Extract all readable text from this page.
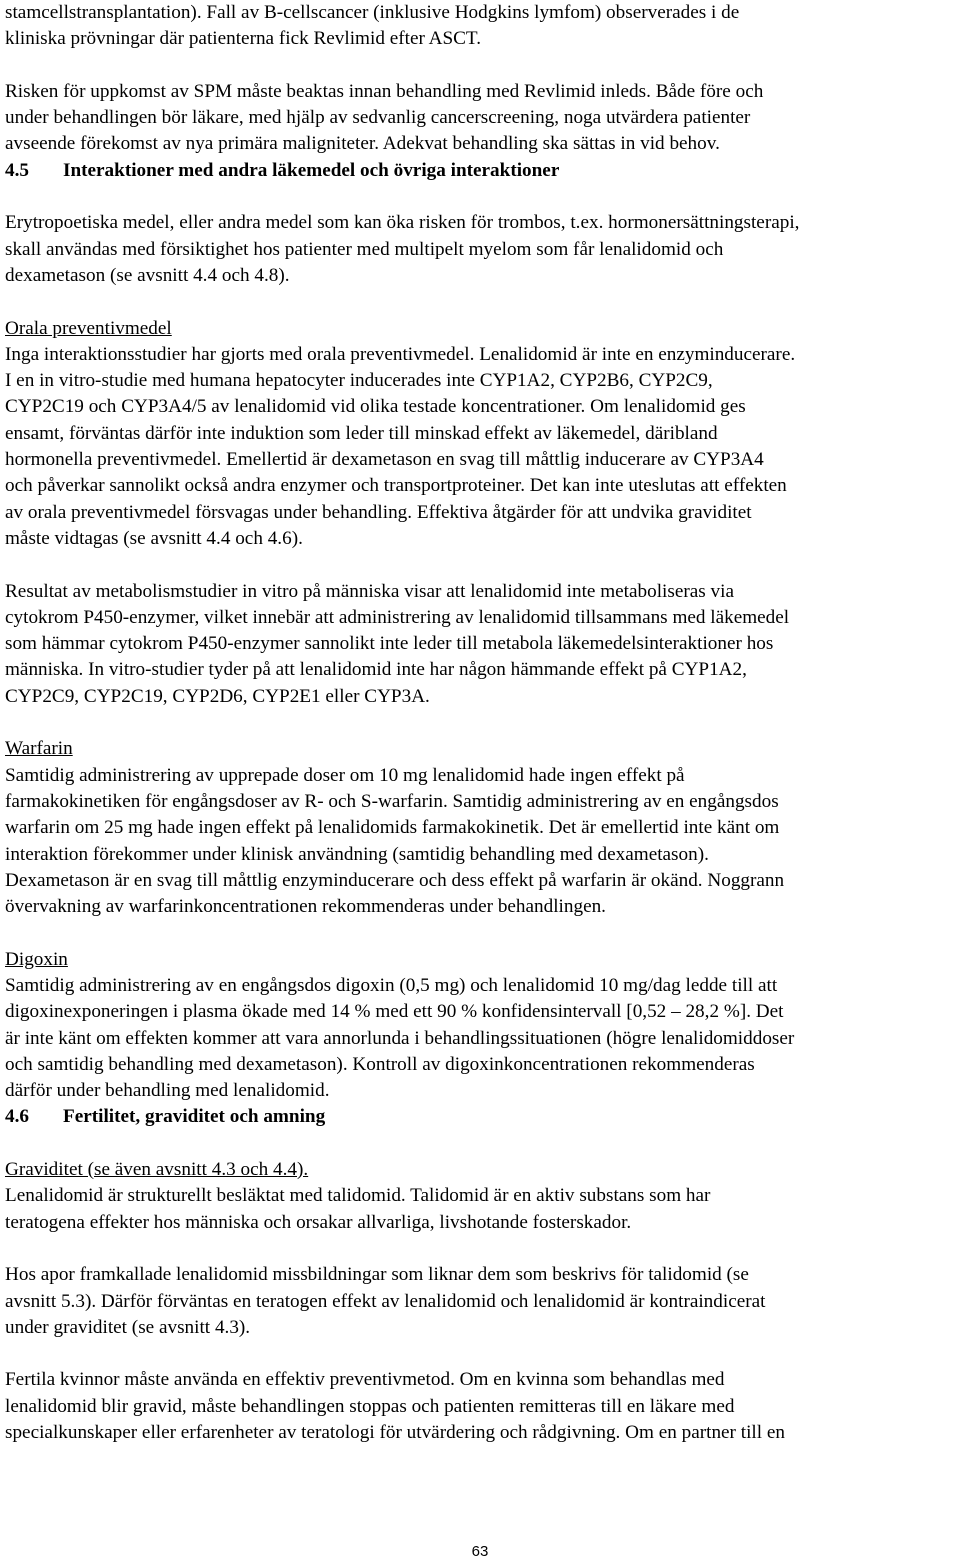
stamcellstransplantation). Fall av B-cellscancer (inklusive Hodgkins lymfom) observerades i de

kliniska prövningar där patienterna fick Revlimid efter ASCT.

Risken för uppkomst av SPM måste beaktas innan behandling med Revlimid inleds. Både före och

under behandlingen bör läkare, med hjälp av sedvanlig cancerscreening, noga utvärdera patienter

avseende förekomst av nya primära maligniteter. Adekvat behandling ska sättas in vid behov.

4.5 Interaktioner med andra läkemedel och övriga interaktioner

Erytropoetiska medel, eller andra medel som kan öka risken för trombos, t.ex. hormonersättningsterapi,

skall användas med försiktighet hos patienter med multipelt myelom som får lenalidomid och

dexametason (se avsnitt 4.4 och 4.8).

Orala preventivmedel

Inga interaktionsstudier har gjorts med orala preventivmedel. Lenalidomid är inte en enzyminducerare.

I en in vitro-studie med humana hepatocyter inducerades inte CYP1A2, CYP2B6, CYP2C9,

CYP2C19 och CYP3A4/5 av lenalidomid vid olika testade koncentrationer. Om lenalidomid ges

ensamt, förväntas därför inte induktion som leder till minskad effekt av läkemedel, däribland

hormonella preventivmedel. Emellertid är dexametason en svag till måttlig inducerare av CYP3A4

och påverkar sannolikt också andra enzymer och transportproteiner. Det kan inte uteslutas att effekten

av orala preventivmedel försvagas under behandling. Effektiva åtgärder för att undvika graviditet

måste vidtagas (se avsnitt 4.4 och 4.6).

Resultat av metabolismstudier in vitro på människa visar att lenalidomid inte metaboliseras via

cytokrom P450-enzymer, vilket innebär att administrering av lenalidomid tillsammans med läkemedel

som hämmar cytokrom P450-enzymer sannolikt inte leder till metabola läkemedelsinteraktioner hos

människa. In vitro-studier tyder på att lenalidomid inte har någon hämmande effekt på CYP1A2,

CYP2C9, CYP2C19, CYP2D6, CYP2E1 eller CYP3A.

Warfarin

Samtidig administrering av upprepade doser om 10 mg lenalidomid hade ingen effekt på

farmakokinetiken för engångsdoser av R- och S-warfarin. Samtidig administrering av en engångsdos

warfarin om 25 mg hade ingen effekt på lenalidomids farmakokinetik. Det är emellertid inte känt om

interaktion förekommer under klinisk användning (samtidig behandling med dexametason).

Dexametason är en svag till måttlig enzyminducerare och dess effekt på warfarin är okänd. Noggrann

övervakning av warfarinkoncentrationen rekommenderas under behandlingen.

Digoxin

Samtidig administrering av en engångsdos digoxin (0,5 mg) och lenalidomid 10 mg/dag ledde till att

digoxinexponeringen i plasma ökade med 14 % med ett 90 % konfidensintervall [0,52 – 28,2 %]. Det

är inte känt om effekten kommer att vara annorlunda i behandlingssituationen (högre lenalidomiddoser

och samtidig behandling med dexametason). Kontroll av digoxinkoncentrationen rekommenderas

därför under behandling med lenalidomid.

4.6 Fertilitet, graviditet och amning

Graviditet (se även avsnitt 4.3 och 4.4).

Lenalidomid är strukturellt besläktat med talidomid. Talidomid är en aktiv substans som har

teratogena effekter hos människa och orsakar allvarliga, livshotande fosterskador.

Hos apor framkallade lenalidomid missbildningar som liknar dem som beskrivs för talidomid (se

avsnitt 5.3). Därför förväntas en teratogen effekt av lenalidomid och lenalidomid är kontraindicerat

under graviditet (se avsnitt 4.3).

Fertila kvinnor måste använda en effektiv preventivmetod. Om en kvinna som behandlas med

lenalidomid blir gravid, måste behandlingen stoppas och patienten remitteras till en läkare med

specialkunskaper eller erfarenheter av teratologi för utvärdering och rådgivning. Om en partner till en

63
